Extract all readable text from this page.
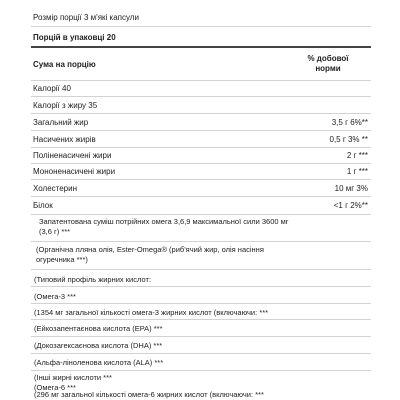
Розмір порції 3 м'які капсули
Порцій в упаковці 20
Сума на порцію
% добової
норми
Калорії 40
Калорії з жиру 35
Загальний жир	3,5 г 6%**
Насичених жирів	0,5 г 3% **
Поліненасичені жири	2 г ***
Мононенасичені жири	1 г ***
Холестерин	10 мг 3%
Білок	<1 г 2%**
Запатентована суміш потрійних омега 3,6,9 максимальної сили 3600 мг
(3,6 г) ***
(Органічна лляна олія, Ester-Omega® (риб'ячий жир, олія насіння
огуречника ***)
(Типовий профіль жирних кислот:
(Омега-3 ***
(1354 мг загальної кількості омега-3 жирних кислот (включаючи: ***
(Ейкозапентаєнова кислота (EPA) ***
(Докозагексаєнова кислота (DHA) ***
(Альфа-ліноленова кислота (ALA) ***
(Інші жирні кислоти ***
(Омега-6 ***
(296 мг загальної кількості омега-6 жирних кислот (включаючи: ***
